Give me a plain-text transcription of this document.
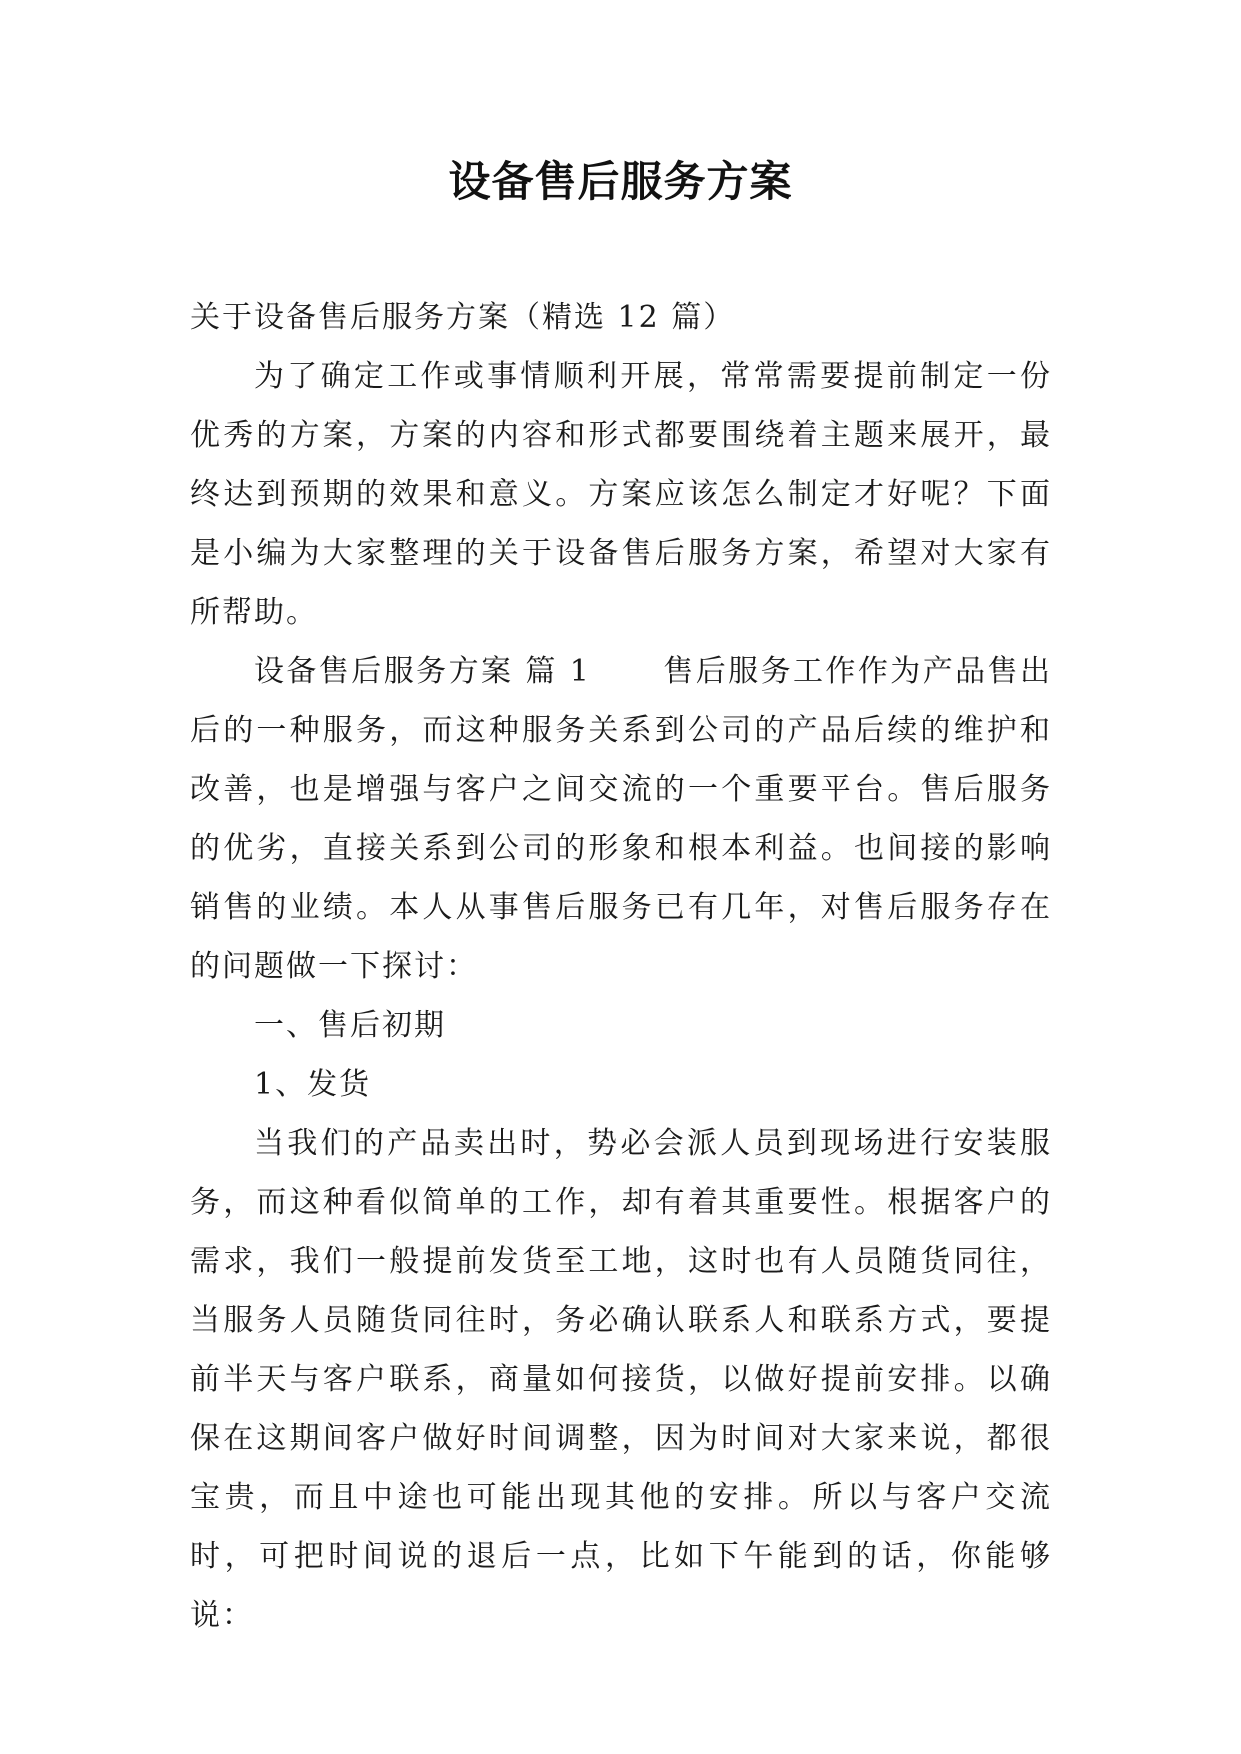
设备售后服务方案

关于设备售后服务方案（精选 12 篇）

为了确定工作或事情顺利开展，常常需要提前制定一份优秀的方案，方案的内容和形式都要围绕着主题来展开，最终达到预期的效果和意义。方案应该怎么制定才好呢？下面是小编为大家整理的关于设备售后服务方案，希望对大家有所帮助。

设备售后服务方案 篇 1 售后服务工作作为产品售出后的一种服务，而这种服务关系到公司的产品后续的维护和改善，也是增强与客户之间交流的一个重要平台。售后服务的优劣，直接关系到公司的形象和根本利益。也间接的影响销售的业绩。本人从事售后服务已有几年，对售后服务存在的问题做一下探讨：

一、售后初期

1、发货

当我们的产品卖出时，势必会派人员到现场进行安装服务，而这种看似简单的工作，却有着其重要性。根据客户的需求，我们一般提前发货至工地，这时也有人员随货同往，当服务人员随货同往时，务必确认联系人和联系方式，要提前半天与客户联系，商量如何接货，以做好提前安排。以确保在这期间客户做好时间调整，因为时间对大家来说，都很宝贵，而且中途也可能出现其他的安排。所以与客户交流时，可把时间说的退后一点，比如下午能到的话，你能够说：
